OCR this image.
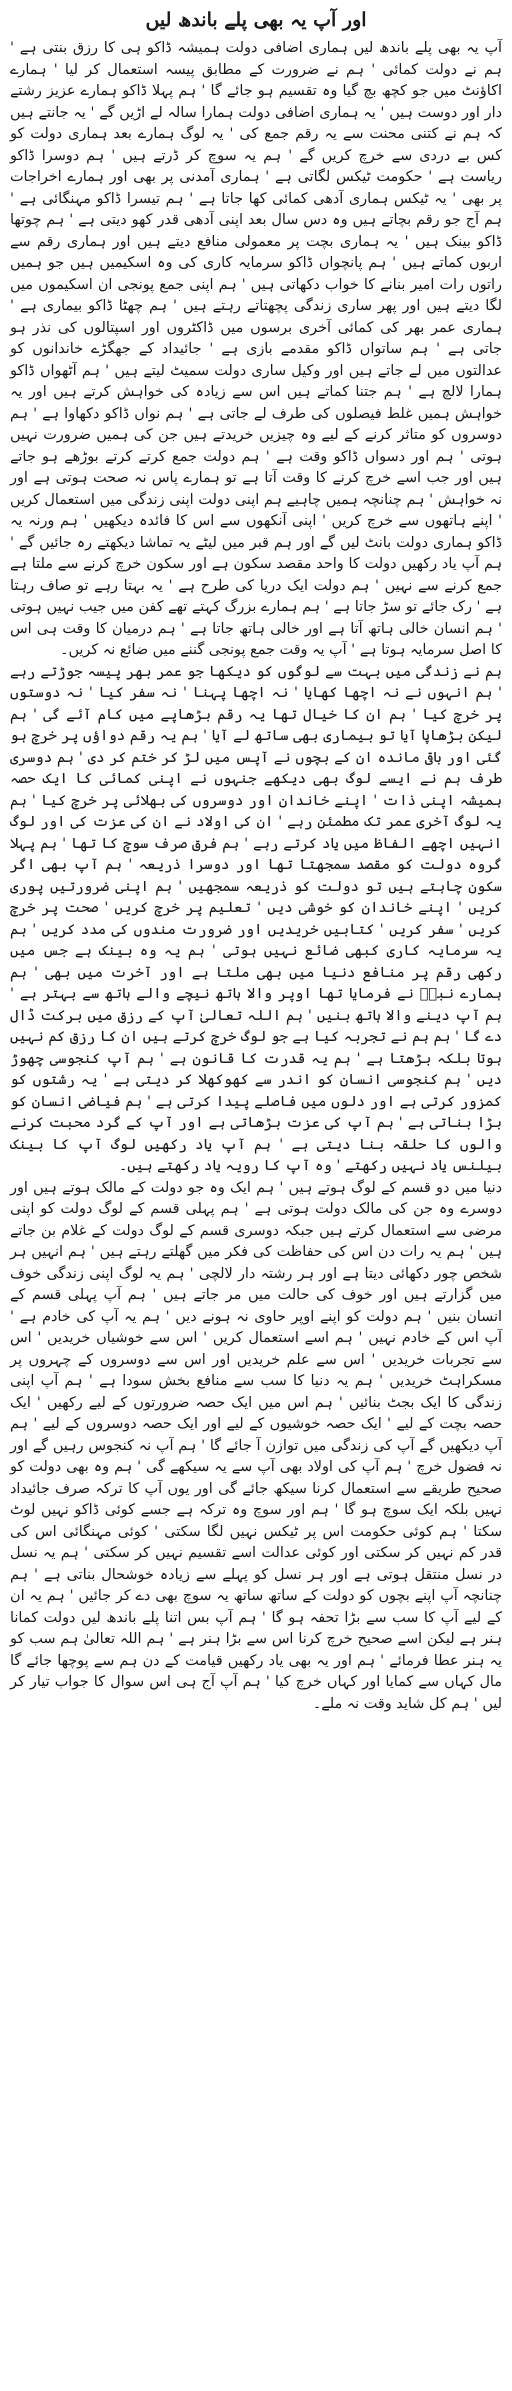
اور آپ یہ بھی پلے باندھ لیں

آپ یہ بھی پلے باندھ لیں ہماری اضافی دولت ہمیشہ ڈاکو ہی کا رزق بنتی ہے ' ہم نے دولت کمائی ' ہم نے ضرورت کے مطابق پیسہ استعمال کر لیا ' ہمارے اکاؤنٹ میں جو کچھ بچ گیا وہ تقسیم ہو جائے گا ' ہم پہلا ڈاکو ہمارے عزیز رشتے دار اور دوست ہیں ' یہ ہماری اضافی دولت ہمارا سالہ لے اڑیں گے ' یہ جانتے ہیں کہ ہم نے کتنی محنت سے یہ رقم جمع کی ' یہ لوگ ہمارے بعد ہماری دولت کو کس بے دردی سے خرچ کریں گے ' ہم یہ سوچ کر ڈرتے ہیں ' ہم دوسرا ڈاکو ریاست ہے ' حکومت ٹیکس لگاتی ہے ' ہماری آمدنی پر بھی اور ہمارے اخراجات پر بھی ' یہ ٹیکس ہماری آدھی کمائی کھا جاتا ہے ' ہم تیسرا ڈاکو مہنگائی ہے ' ہم آج جو رقم بچاتے ہیں وہ دس سال بعد اپنی آدھی قدر کھو دیتی ہے ' ہم چوتھا ڈاکو بینک ہیں ' یہ ہماری بچت پر معمولی منافع دیتے ہیں اور ہماری رقم سے اربوں کماتے ہیں ' ہم پانچواں ڈاکو سرمایہ کاری کی وہ اسکیمیں ہیں جو ہمیں راتوں رات امیر بنانے کا خواب دکھاتی ہیں ' ہم اپنی جمع پونجی ان اسکیموں میں لگا دیتے ہیں اور پھر ساری زندگی پچھتاتے رہتے ہیں ' ہم چھٹا ڈاکو بیماری ہے ' ہماری عمر بھر کی کمائی آخری برسوں میں ڈاکٹروں اور اسپتالوں کی نذر ہو جاتی ہے ' ہم ساتواں ڈاکو مقدمے بازی ہے ' جائیداد کے جھگڑے خاندانوں کو عدالتوں میں لے جاتے ہیں اور وکیل ساری دولت سمیٹ لیتے ہیں ' ہم آٹھواں ڈاکو ہمارا لالچ ہے ' ہم جتنا کماتے ہیں اس سے زیادہ کی خواہش کرتے ہیں اور یہ خواہش ہمیں غلط فیصلوں کی طرف لے جاتی ہے ' ہم نواں ڈاکو دکھاوا ہے ' ہم دوسروں کو متاثر کرنے کے لیے وہ چیزیں خریدتے ہیں جن کی ہمیں ضرورت نہیں ہوتی ' ہم اور دسواں ڈاکو وقت ہے ' ہم دولت جمع کرتے کرتے بوڑھے ہو جاتے ہیں اور جب اسے خرچ کرنے کا وقت آتا ہے تو ہمارے پاس نہ صحت ہوتی ہے اور نہ خواہش ' ہم چنانچہ ہمیں چاہیے ہم اپنی دولت اپنی زندگی میں استعمال کریں ' اپنے ہاتھوں سے خرچ کریں ' اپنی آنکھوں سے اس کا فائدہ دیکھیں ' ہم ورنہ یہ ڈاکو ہماری دولت بانٹ لیں گے اور ہم قبر میں لیٹے یہ تماشا دیکھتے رہ جائیں گے ' ہم آپ یاد رکھیں دولت کا واحد مقصد سکون ہے اور سکون خرچ کرنے سے ملتا ہے جمع کرنے سے نہیں ' ہم دولت ایک دریا کی طرح ہے ' یہ بہتا رہے تو صاف رہتا ہے ' رک جائے تو سڑ جاتا ہے ' ہم ہمارے بزرگ کہتے تھے کفن میں جیب نہیں ہوتی ' ہم انسان خالی ہاتھ آتا ہے اور خالی ہاتھ جاتا ہے ' ہم درمیان کا وقت ہی اس کا اصل سرمایہ ہوتا ہے ' آپ یہ وقت جمع پونجی گننے میں ضائع نہ کریں۔

ہم نے زندگی میں بہت سے لوگوں کو دیکھا جو عمر بھر پیسہ جوڑتے رہے ' ہم انہوں نے نہ اچھا کھایا ' نہ اچھا پہنا ' نہ سفر کیا ' نہ دوستوں پر خرچ کیا ' ہم ان کا خیال تھا یہ رقم بڑھاپے میں کام آئے گی ' ہم لیکن بڑھاپا آیا تو بیماری بھی ساتھ لے آیا ' ہم یہ رقم دواؤں پر خرچ ہو گئی اور باقی ماندہ ان کے بچوں نے آپس میں لڑ کر ختم کر دی ' ہم دوسری طرف ہم نے ایسے لوگ بھی دیکھے جنہوں نے اپنی کمائی کا ایک حصہ ہمیشہ اپنی ذات ' اپنے خاندان اور دوسروں کی بھلائی پر خرچ کیا ' ہم یہ لوگ آخری عمر تک مطمئن رہے ' ان کی اولاد نے ان کی عزت کی اور لوگ انہیں اچھے الفاظ میں یاد کرتے رہے ' ہم فرق صرف سوچ کا تھا ' ہم پہلا گروہ دولت کو مقصد سمجھتا تھا اور دوسرا ذریعہ ' ہم آپ بھی اگر سکون چاہتے ہیں تو دولت کو ذریعہ سمجھیں ' ہم اپنی ضرورتیں پوری کریں ' اپنے خاندان کو خوشی دیں ' تعلیم پر خرچ کریں ' صحت پر خرچ کریں ' سفر کریں ' کتابیں خریدیں اور ضرورت مندوں کی مدد کریں ' ہم یہ سرمایہ کاری کبھی ضائع نہیں ہوتی ' ہم یہ وہ بینک ہے جس میں رکھی رقم پر منافع دنیا میں بھی ملتا ہے اور آخرت میں بھی ' ہم ہمارے نبیؐ نے فرمایا تھا اوپر والا ہاتھ نیچے والے ہاتھ سے بہتر ہے ' ہم آپ دینے والا ہاتھ بنیں ' ہم اللہ تعالیٰ آپ کے رزق میں برکت ڈال دے گا ' ہم ہم نے تجربہ کیا ہے جو لوگ خرچ کرتے ہیں ان کا رزق کم نہیں ہوتا بلکہ بڑھتا ہے ' ہم یہ قدرت کا قانون ہے ' ہم آپ کنجوسی چھوڑ دیں ' ہم کنجوسی انسان کو اندر سے کھوکھلا کر دیتی ہے ' یہ رشتوں کو کمزور کرتی ہے اور دلوں میں فاصلے پیدا کرتی ہے ' ہم فیاضی انسان کو بڑا بناتی ہے ' ہم آپ کی عزت بڑھاتی ہے اور آپ کے گرد محبت کرنے والوں کا حلقہ بنا دیتی ہے ' ہم آپ یاد رکھیں لوگ آپ کا بینک بیلنس یاد نہیں رکھتے ' وہ آپ کا رویہ یاد رکھتے ہیں۔

دنیا میں دو قسم کے لوگ ہوتے ہیں ' ہم ایک وہ جو دولت کے مالک ہوتے ہیں اور دوسرے وہ جن کی مالک دولت ہوتی ہے ' ہم پہلی قسم کے لوگ دولت کو اپنی مرضی سے استعمال کرتے ہیں جبکہ دوسری قسم کے لوگ دولت کے غلام بن جاتے ہیں ' ہم یہ رات دن اس کی حفاظت کی فکر میں گھلتے رہتے ہیں ' ہم انہیں ہر شخص چور دکھائی دیتا ہے اور ہر رشتہ دار لالچی ' ہم یہ لوگ اپنی زندگی خوف میں گزارتے ہیں اور خوف کی حالت میں مر جاتے ہیں ' ہم آپ پہلی قسم کے انسان بنیں ' ہم دولت کو اپنے اوپر حاوی نہ ہونے دیں ' ہم یہ آپ کی خادم ہے ' آپ اس کے خادم نہیں ' ہم اسے استعمال کریں ' اس سے خوشیاں خریدیں ' اس سے تجربات خریدیں ' اس سے علم خریدیں اور اس سے دوسروں کے چہروں پر مسکراہٹ خریدیں ' ہم یہ دنیا کا سب سے منافع بخش سودا ہے ' ہم آپ اپنی زندگی کا ایک بجٹ بنائیں ' ہم اس میں ایک حصہ ضرورتوں کے لیے رکھیں ' ایک حصہ بچت کے لیے ' ایک حصہ خوشیوں کے لیے اور ایک حصہ دوسروں کے لیے ' ہم آپ دیکھیں گے آپ کی زندگی میں توازن آ جائے گا ' ہم آپ نہ کنجوس رہیں گے اور نہ فضول خرچ ' ہم آپ کی اولاد بھی آپ سے یہ سیکھے گی ' ہم وہ بھی دولت کو صحیح طریقے سے استعمال کرنا سیکھ جائے گی اور یوں آپ کا ترکہ صرف جائیداد نہیں بلکہ ایک سوچ ہو گا ' ہم اور سوچ وہ ترکہ ہے جسے کوئی ڈاکو نہیں لوٹ سکتا ' ہم کوئی حکومت اس پر ٹیکس نہیں لگا سکتی ' کوئی مہنگائی اس کی قدر کم نہیں کر سکتی اور کوئی عدالت اسے تقسیم نہیں کر سکتی ' ہم یہ نسل در نسل منتقل ہوتی ہے اور ہر نسل کو پہلے سے زیادہ خوشحال بناتی ہے ' ہم چنانچہ آپ اپنے بچوں کو دولت کے ساتھ ساتھ یہ سوچ بھی دے کر جائیں ' ہم یہ ان کے لیے آپ کا سب سے بڑا تحفہ ہو گا ' ہم آپ بس اتنا پلے باندھ لیں دولت کمانا ہنر ہے لیکن اسے صحیح خرچ کرنا اس سے بڑا ہنر ہے ' ہم اللہ تعالیٰ ہم سب کو یہ ہنر عطا فرمائے ' ہم اور یہ بھی یاد رکھیں قیامت کے دن ہم سے پوچھا جائے گا مال کہاں سے کمایا اور کہاں خرچ کیا ' ہم آپ آج ہی اس سوال کا جواب تیار کر لیں ' ہم کل شاید وقت نہ ملے۔
